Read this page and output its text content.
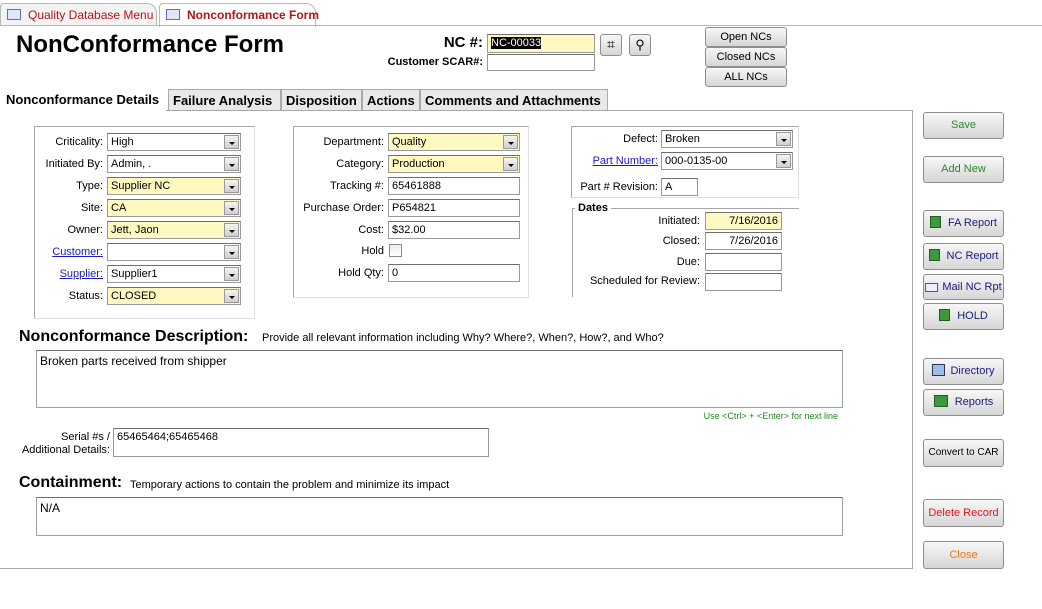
Quality Database Menu	Nonconformance Form
NonConformance Form	NC #: NC-00033	⌗	⚲
Customer SCAR#:
Open NCs
Closed NCs
ALL NCs
Nonconformance Details	Failure Analysis	Disposition Actions Comments and Attachments
Criticality: High
Initiated By: Admin, .
Type: Supplier NC
Site: CA
Owner: Jett, Jaon
Customer:
Supplier: Supplier1
Status: CLOSED
Department: Quality
Category: Production
Tracking #: 65461888
Purchase Order: P654821
Cost: $32.00
Hold
Hold Qty: 0
Defect: Broken
Part Number: 000-0135-00
Part # Revision: A
Dates
Initiated:	7/16/2016
Closed:	7/26/2016
Due:
Scheduled for Review:
Nonconformance Description: Provide all relevant information including Why? Where?, When?, How?, and Who?
Broken parts received from shipper
Use <Ctrl> + <Enter> for next line
Serial #s /
Additional Details:
65465464;65465468
Containment: Temporary actions to contain the problem and minimize its impact
N/A
Save
Add New
FA Report
NC Report
Mail NC Rpt
HOLD
Directory
Reports
Convert to CAR
Delete Record
Close
